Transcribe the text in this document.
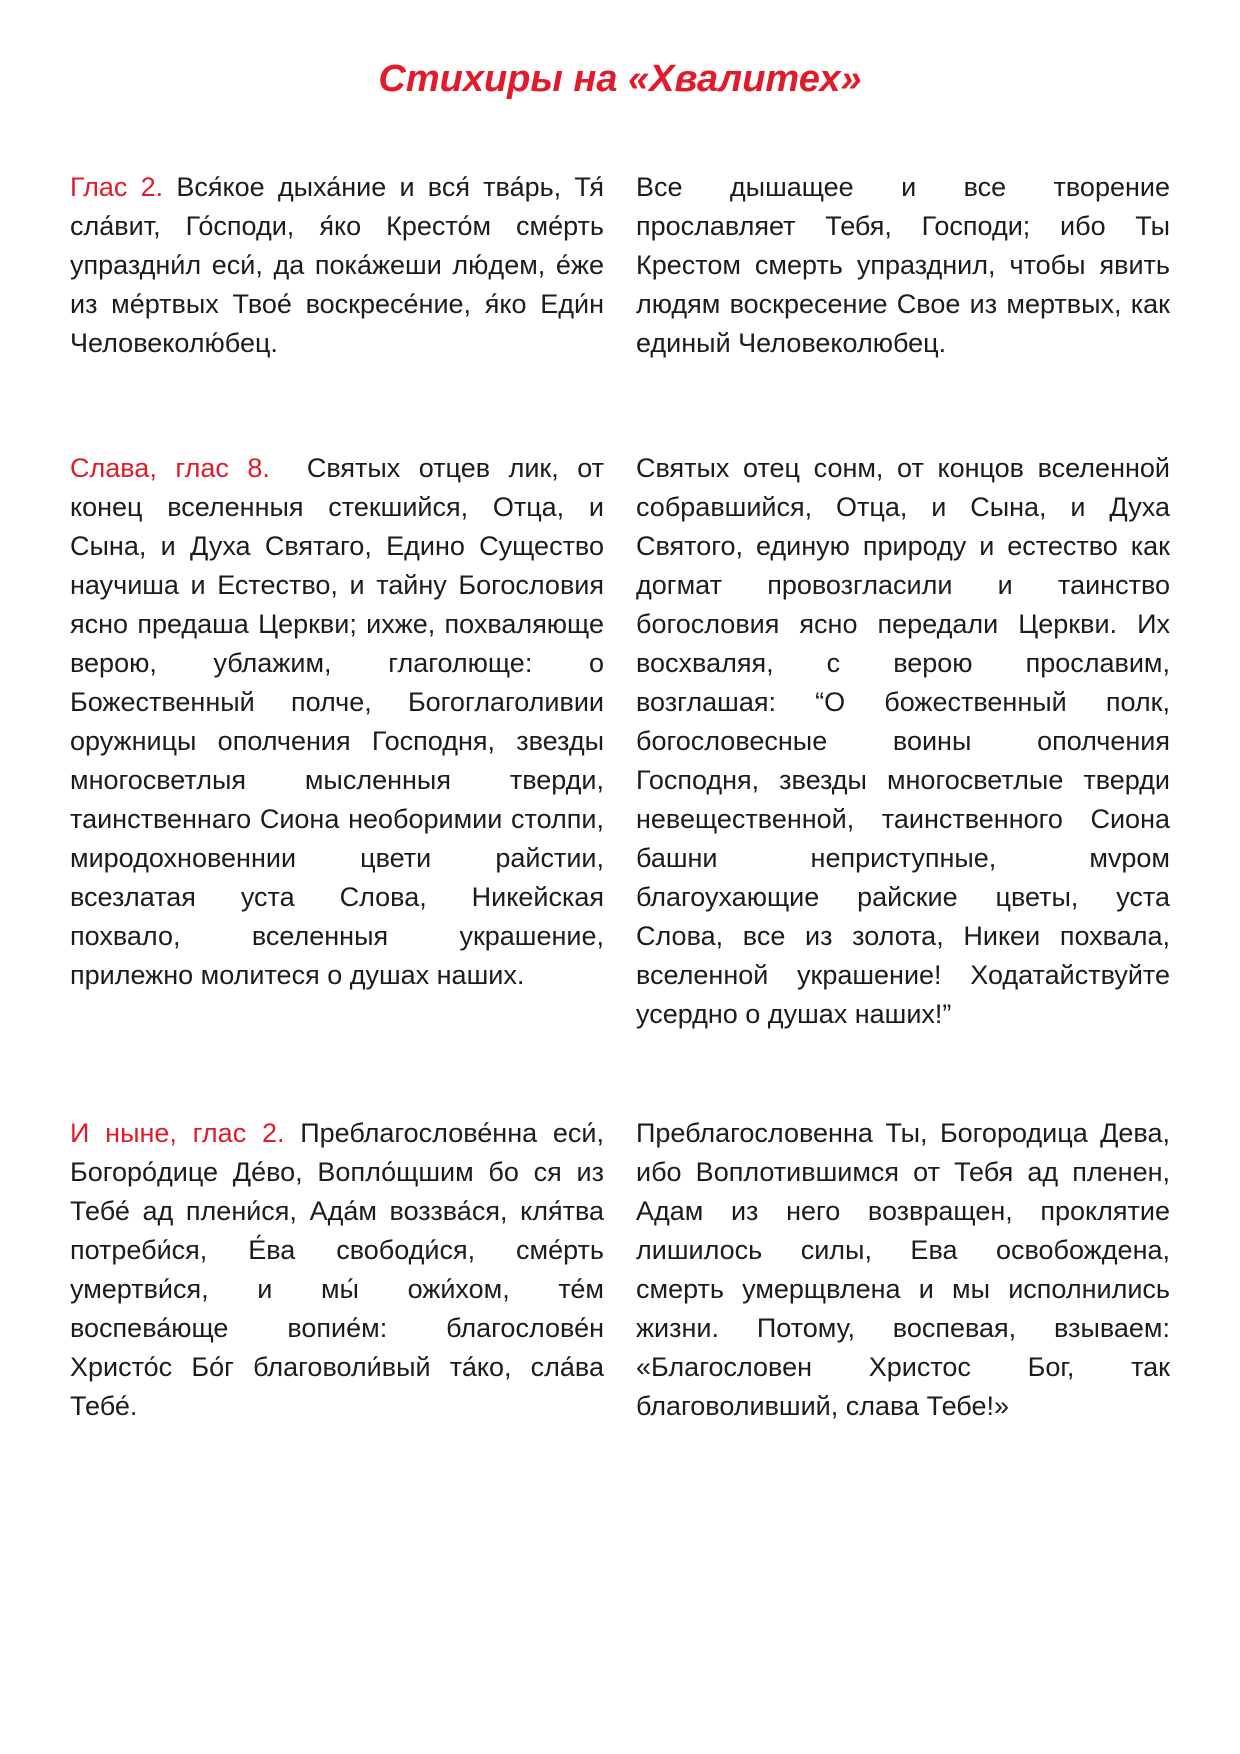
Стихиры на «Хвалитех»

Глас 2. Вся́кое дыха́ние и вся́ тва́рь, Тя́ сла́вит, Го́споди, я́ко Кресто́м сме́рть упраздни́л еси́, да пока́жеши лю́дем, е́же из ме́ртвых Твое́ воскресе́ние, я́ко Еди́н Человеколю́бец.

Все дышащее и все творение прославляет Тебя, Господи; ибо Ты Крестом смерть упразднил, чтобы явить людям воскресение Свое из мертвых, как единый Человеколюбец.

Слава, глас 8. Святых отцев лик, от конец вселенныя стекшийся, Отца, и Сына, и Духа Святаго, Едино Существо научиша и Естество, и тайну Богословия ясно предаша Церкви; ихже, похваляюще верою, ублажим, глаголюще: о Божественный полче, Богоглаголивии оружницы ополчения Господня, звезды многосветлыя мысленныя тверди, таинственнаго Сиона необоримии столпи, миродохновеннии цвети райстии, всезлатая уста Слова, Никейская похвало, вселенныя украшение, прилежно молитеся о душах наших.

Святых отец сонм, от концов вселенной собравшийся, Отца, и Сына, и Духа Святого, единую природу и естество как догмат провозгласили и таинство богословия ясно передали Церкви. Их восхваляя, с верою прославим, возглашая: “О божественный полк, богословесные воины ополчения Господня, звезды многосветлые тверди невещественной, таинственного Сиона башни неприступные, мvром благоухающие райские цветы, уста Слова, все из золота, Никеи похвала, вселенной украшение! Ходатайствуйте усердно о душах наших!”

И ныне, глас 2. Преблагослове́нна еси́, Богоро́дице Де́во, Вопло́щшим бо ся из Тебе́ ад плени́ся, Ада́м воззва́ся, кля́тва потреби́ся, Е́ва свободи́ся, сме́рть умертви́ся, и мы́ ожи́хом, те́м воспева́юще вопие́м: благослове́н Христо́с Бо́г благоволи́вый та́ко, сла́ва Тебе́.

Преблагословенна Ты, Богородица Дева, ибо Воплотившимся от Тебя ад пленен, Адам из него возвращен, проклятие лишилось силы, Ева освобождена, смерть умерщвлена и мы исполнились жизни. Потому, воспевая, взываем: «Благословен Христос Бог, так благоволивший, слава Тебе!»
